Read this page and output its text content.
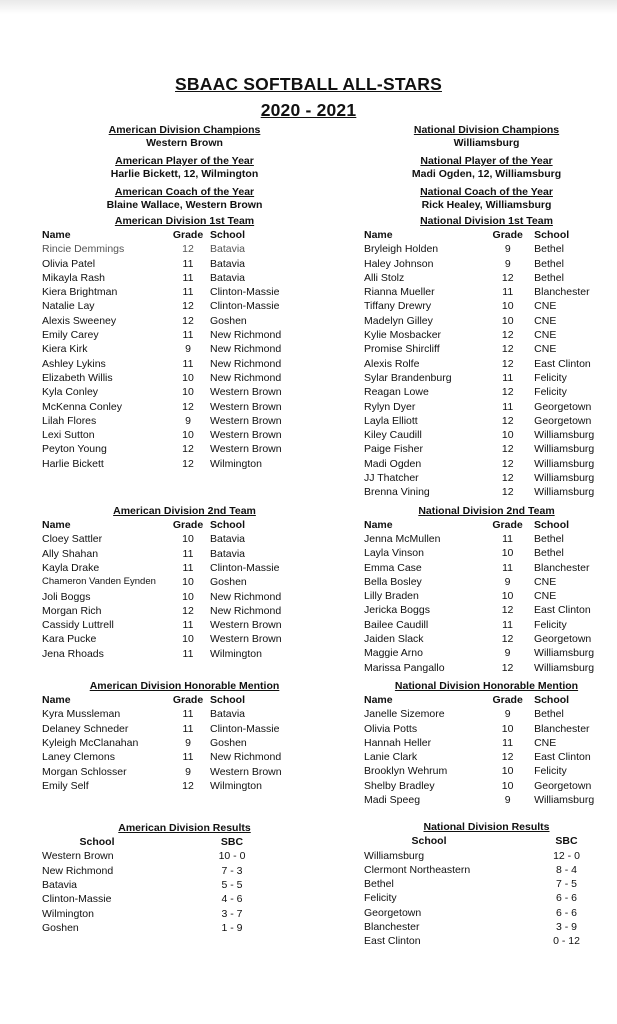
SBAAC SOFTBALL ALL-STARS
2020 - 2021
American Division Champions
Western Brown
American Player of the Year
Harlie Bickett, 12, Wilmington
American Coach of the Year
Blaine Wallace, Western Brown
American Division 1st Team
Name	Grade	School
Rincie Demmings	12	Batavia
Olivia Patel	11	Batavia
Mikayla Rash	11	Batavia
Kiera Brightman	11	Clinton-Massie
Natalie Lay	12	Clinton-Massie
Alexis Sweeney	12	Goshen
Emily Carey	11	New Richmond
Kiera Kirk	9	New Richmond
Ashley Lykins	11	New Richmond
Elizabeth Willis	10	New Richmond
Kyla Conley	10	Western Brown
McKenna Conley	12	Western Brown
Lilah Flores	9	Western Brown
Lexi Sutton	10	Western Brown
Peyton Young	12	Western Brown
Harlie Bickett	12	Wilmington
American Division 2nd Team
Name	Grade	School
Cloey Sattler	10	Batavia
Ally Shahan	11	Batavia
Kayla Drake	11	Clinton-Massie
Chameron Vanden Eynden	10	Goshen
Joli Boggs	10	New Richmond
Morgan Rich	12	New Richmond
Cassidy Luttrell	11	Western Brown
Kara Pucke	10	Western Brown
Jena Rhoads	11	Wilmington
American Division Honorable Mention
Name	Grade	School
Kyra Mussleman	11	Batavia
Delaney Schneder	11	Clinton-Massie
Kyleigh McClanahan	9	Goshen
Laney Clemons	11	New Richmond
Morgan Schlosser	9	Western Brown
Emily Self	12	Wilmington
American Division Results
School	SBC
Western Brown	10 - 0
New Richmond	7 - 3
Batavia	5 - 5
Clinton-Massie	4 - 6
Wilmington	3 - 7
Goshen	1 - 9
National Division Champions
Williamsburg
National Player of the Year
Madi Ogden, 12, Williamsburg
National Coach of the Year
Rick Healey, Williamsburg
National Division 1st Team
Name	Grade	School
Bryleigh Holden	9	Bethel
Haley Johnson	9	Bethel
Alli Stolz	12	Bethel
Rianna Mueller	11	Blanchester
Tiffany Drewry	10	CNE
Madelyn Gilley	10	CNE
Kylie Mosbacker	12	CNE
Promise Shircliff	12	CNE
Alexis Rolfe	12	East Clinton
Sylar Brandenburg	11	Felicity
Reagan Lowe	12	Felicity
Rylyn Dyer	11	Georgetown
Layla Elliott	12	Georgetown
Kiley Caudill	10	Williamsburg
Paige Fisher	12	Williamsburg
Madi Ogden	12	Williamsburg
JJ Thatcher	12	Williamsburg
Brenna Vining	12	Williamsburg
National Division 2nd Team
Name	Grade	School
Jenna McMullen	11	Bethel
Layla Vinson	10	Bethel
Emma Case	11	Blanchester
Bella Bosley	9	CNE
Lilly Braden	10	CNE
Jericka Boggs	12	East Clinton
Bailee Caudill	11	Felicity
Jaiden Slack	12	Georgetown
Maggie Arno	9	Williamsburg
Marissa Pangallo	12	Williamsburg
National Division Honorable Mention
Name	Grade	School
Janelle Sizemore	9	Bethel
Olivia Potts	10	Blanchester
Hannah Heller	11	CNE
Lanie Clark	12	East Clinton
Brooklyn Wehrum	10	Felicity
Shelby Bradley	10	Georgetown
Madi Speeg	9	Williamsburg
National Division Results
School	SBC
Williamsburg	12 - 0
Clermont Northeastern	8 - 4
Bethel	7 - 5
Felicity	6 - 6
Georgetown	6 - 6
Blanchester	3 - 9
East Clinton	0 - 12
